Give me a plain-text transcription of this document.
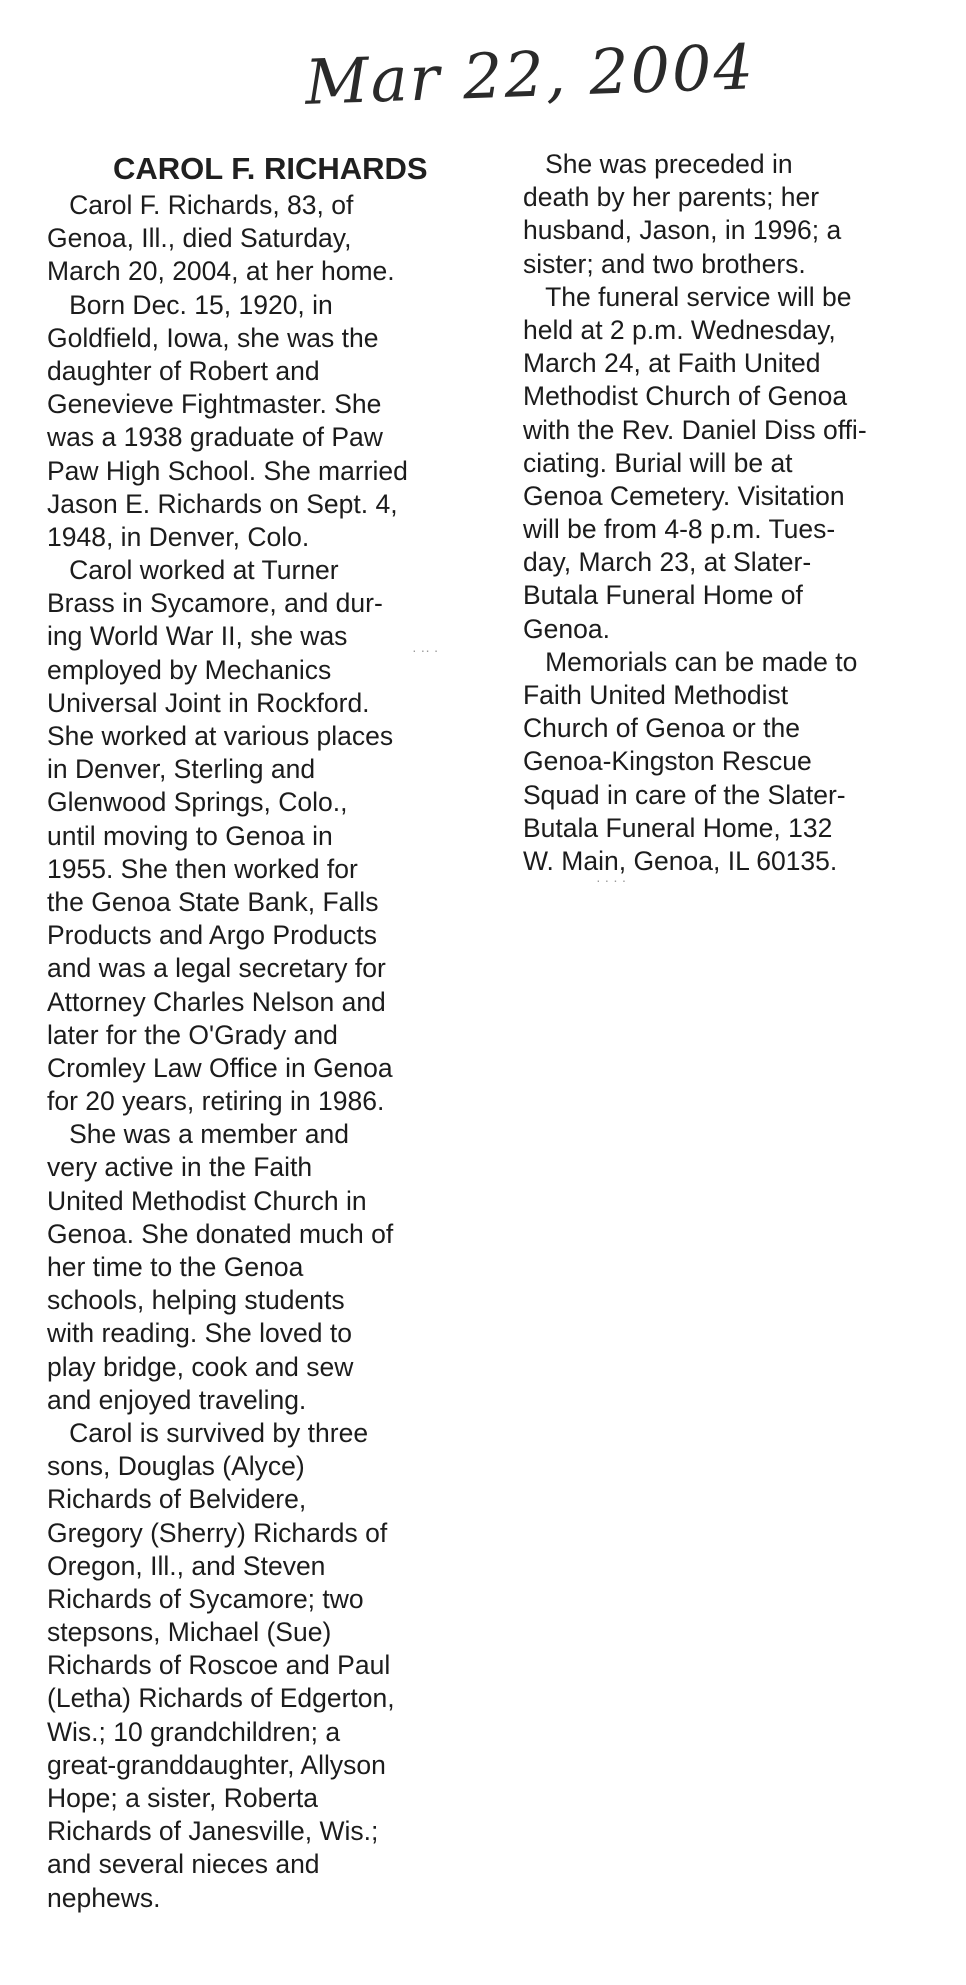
Mar 22, 2004
CAROL F. RICHARDS
Carol F. Richards, 83, of
Genoa, Ill., died Saturday,
March 20, 2004, at her home.
Born Dec. 15, 1920, in
Goldfield, Iowa, she was the
daughter of Robert and
Genevieve Fightmaster. She
was a 1938 graduate of Paw
Paw High School. She married
Jason E. Richards on Sept. 4,
1948, in Denver, Colo.
Carol worked at Turner
Brass in Sycamore, and dur-
ing World War II, she was
employed by Mechanics
Universal Joint in Rockford.
She worked at various places
in Denver, Sterling and
Glenwood Springs, Colo.,
until moving to Genoa in
1955. She then worked for
the Genoa State Bank, Falls
Products and Argo Products
and was a legal secretary for
Attorney Charles Nelson and
later for the O'Grady and
Cromley Law Office in Genoa
for 20 years, retiring in 1986.
She was a member and
very active in the Faith
United Methodist Church in
Genoa. She donated much of
her time to the Genoa
schools, helping students
with reading. She loved to
play bridge, cook and sew
and enjoyed traveling.
Carol is survived by three
sons, Douglas (Alyce)
Richards of Belvidere,
Gregory (Sherry) Richards of
Oregon, Ill., and Steven
Richards of Sycamore; two
stepsons, Michael (Sue)
Richards of Roscoe and Paul
(Letha) Richards of Edgerton,
Wis.; 10 grandchildren; a
great-granddaughter, Allyson
Hope; a sister, Roberta
Richards of Janesville, Wis.;
and several nieces and
nephews.
She was preceded in
death by her parents; her
husband, Jason, in 1996; a
sister; and two brothers.
The funeral service will be
held at 2 p.m. Wednesday,
March 24, at Faith United
Methodist Church of Genoa
with the Rev. Daniel Diss offi-
ciating. Burial will be at
Genoa Cemetery. Visitation
will be from 4-8 p.m. Tues-
day, March 23, at Slater-
Butala Funeral Home of
Genoa.
Memorials can be made to
Faith United Methodist
Church of Genoa or the
Genoa-Kingston Rescue
Squad in care of the Slater-
Butala Funeral Home, 132
W. Main, Genoa, IL 60135.
· ·· ·
· · · ·
